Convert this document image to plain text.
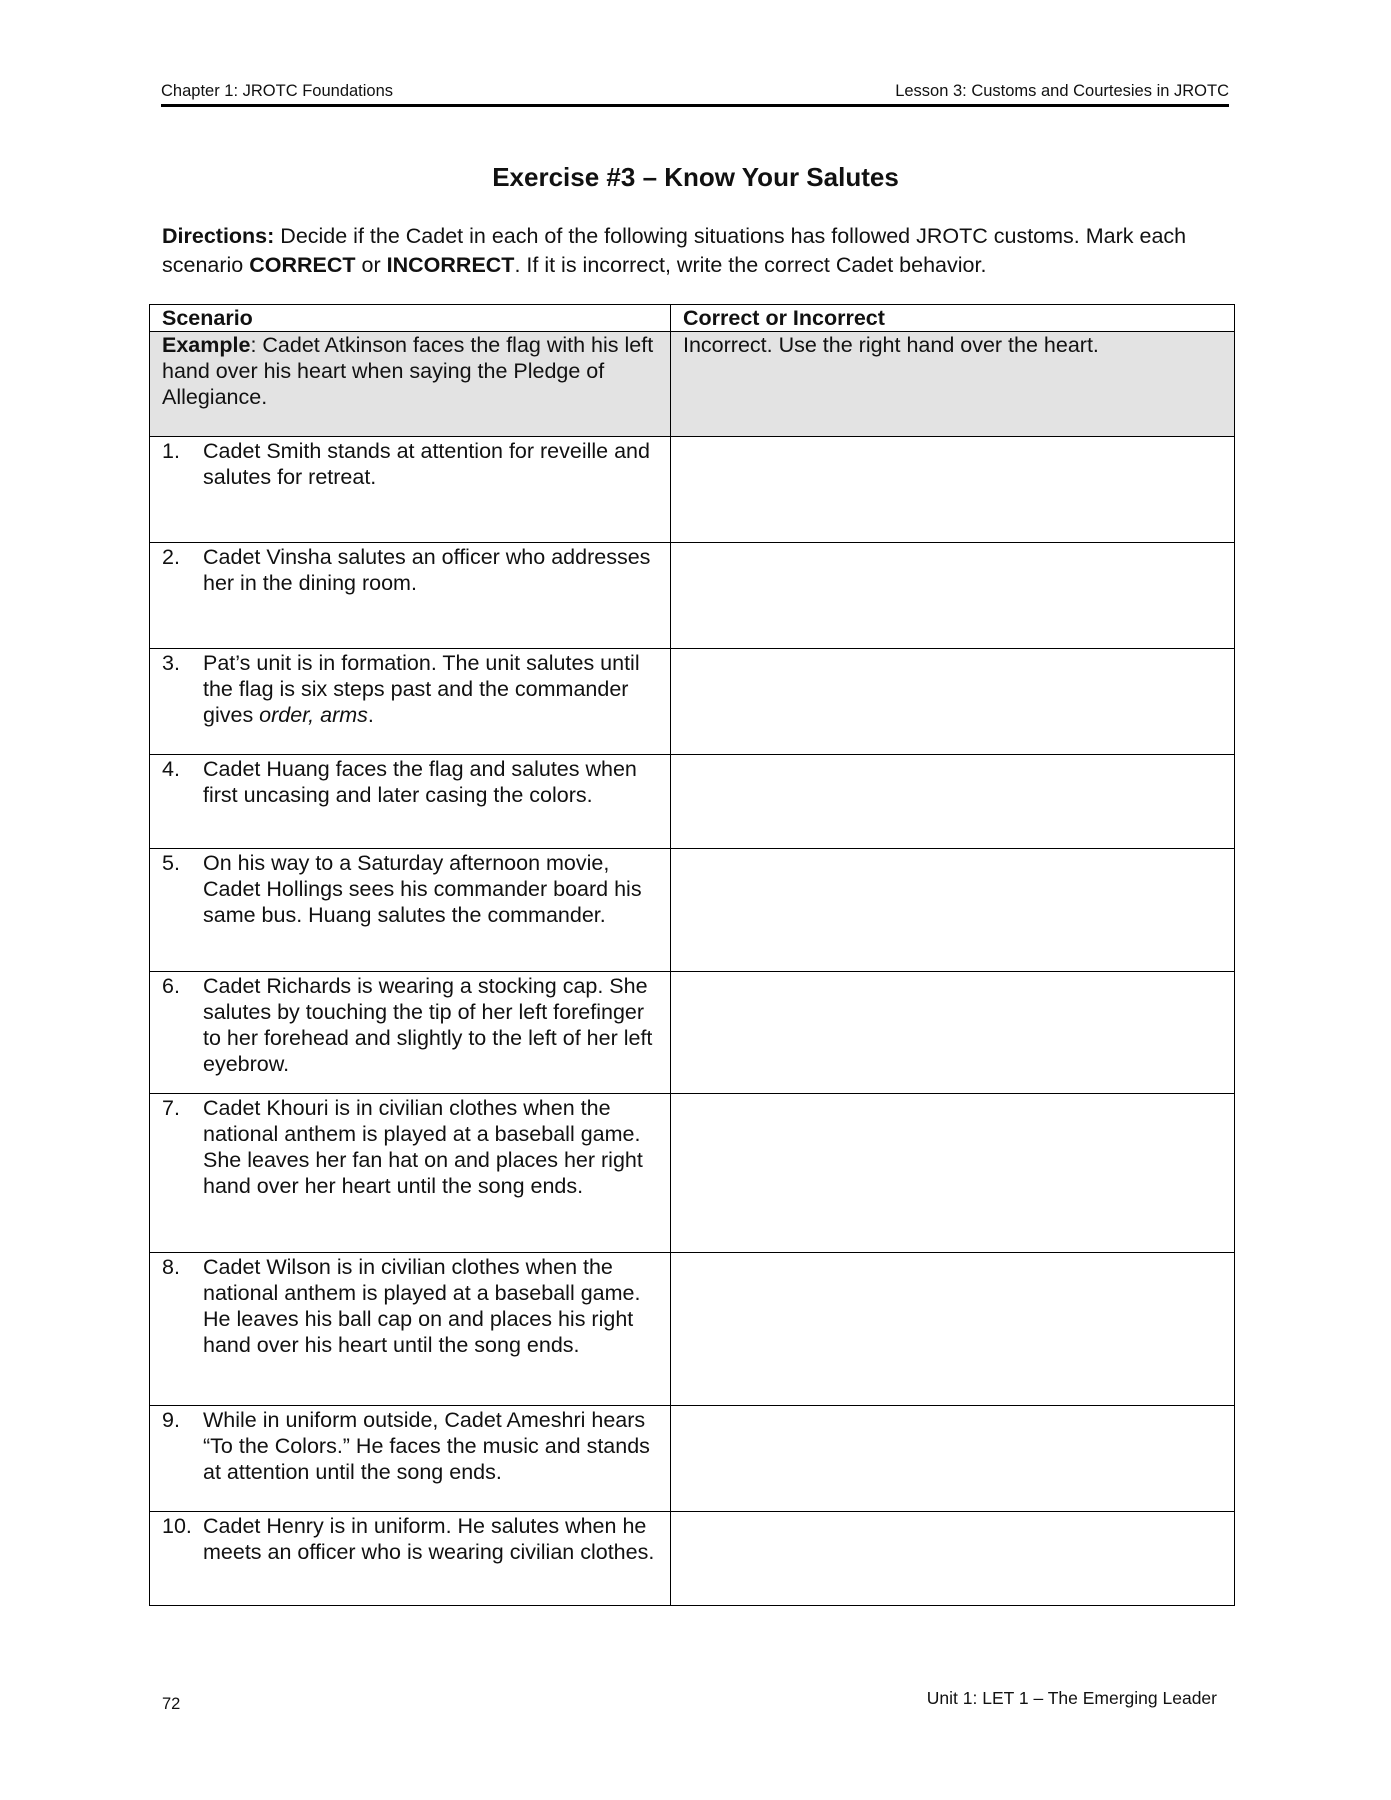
Chapter 1: JROTC Foundations	Lesson 3: Customs and Courtesies in JROTC
Exercise #3 – Know Your Salutes
Directions: Decide if the Cadet in each of the following situations has followed JROTC customs. Mark each scenario CORRECT or INCORRECT. If it is incorrect, write the correct Cadet behavior.
Scenario	Correct or Incorrect
Example: Cadet Atkinson faces the flag with his left hand over his heart when saying the Pledge of Allegiance.	Incorrect. Use the right hand over the heart.

1. Cadet Smith stands at attention for reveille and salutes for retreat.	

2. Cadet Vinsha salutes an officer who addresses her in the dining room.	

3. Pat’s unit is in formation. The unit salutes until the flag is six steps past and the commander gives order, arms.	

4. Cadet Huang faces the flag and salutes when first uncasing and later casing the colors.	

5. On his way to a Saturday afternoon movie, Cadet Hollings sees his commander board his same bus. Huang salutes the commander.	

6. Cadet Richards is wearing a stocking cap. She salutes by touching the tip of her left forefinger to her forehead and slightly to the left of her left eyebrow.	

7. Cadet Khouri is in civilian clothes when the national anthem is played at a baseball game. She leaves her fan hat on and places her right hand over her heart until the song ends.	

8. Cadet Wilson is in civilian clothes when the national anthem is played at a baseball game. He leaves his ball cap on and places his right hand over his heart until the song ends.	

9. While in uniform outside, Cadet Ameshri hears “To the Colors.” He faces the music and stands at attention until the song ends.	

10. Cadet Henry is in uniform. He salutes when he meets an officer who is wearing civilian clothes.	

72	Unit 1: LET 1 – The Emerging Leader
